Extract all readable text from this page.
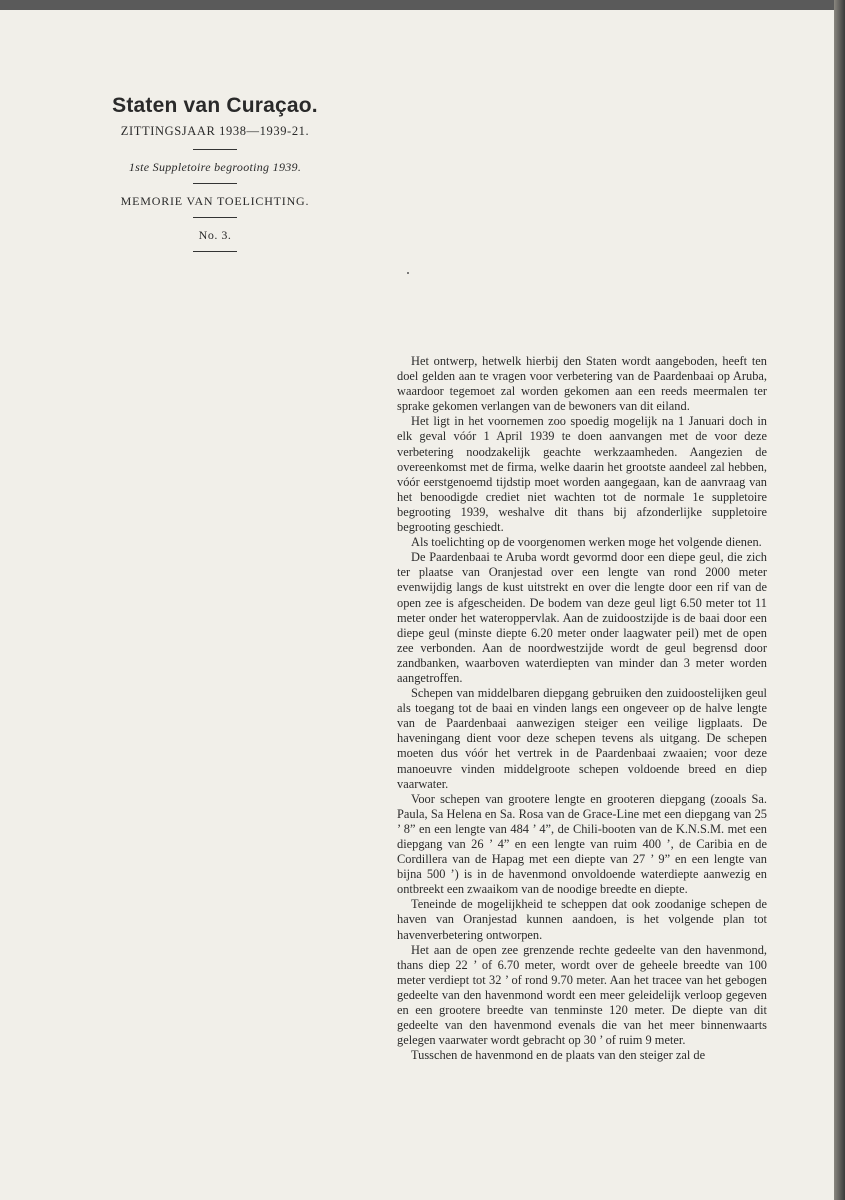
Staten van Curaçao.
ZITTINGSJAAR 1938—1939-21.
1ste Suppletoire begrooting 1939.
MEMORIE VAN TOELICHTING.
No. 3.

Het ontwerp, hetwelk hierbij den Staten wordt aangeboden, heeft ten doel gelden aan te vragen voor verbetering van de Paardenbaai op Aruba, waardoor tegemoet zal worden gekomen aan een reeds meermalen ter sprake gekomen verlangen van de bewoners van dit eiland.

Het ligt in het voornemen zoo spoedig mogelijk na 1 Januari doch in elk geval vóór 1 April 1939 te doen aanvangen met de voor deze verbetering noodzakelijk geachte werkzaamheden. Aangezien de overeenkomst met de firma, welke daarin het grootste aandeel zal hebben, vóór eerstgenoemd tijdstip moet worden aangegaan, kan de aanvraag van het benoodigde crediet niet wachten tot de normale 1e suppletoire begrooting 1939, weshalve dit thans bij afzonderlijke suppletoire begrooting geschiedt.

Als toelichting op de voorgenomen werken moge het volgende dienen.

De Paardenbaai te Aruba wordt gevormd door een diepe geul, die zich ter plaatse van Oranjestad over een lengte van rond 2000 meter evenwijdig langs de kust uitstrekt en over die lengte door een rif van de open zee is afgescheiden. De bodem van deze geul ligt 6.50 meter tot 11 meter onder het wateroppervlak. Aan de zuidoostzijde is de baai door een diepe geul (minste diepte 6.20 meter onder laagwater peil) met de open zee verbonden. Aan de noordwestzijde wordt de geul begrensd door zandbanken, waarboven waterdiepten van minder dan 3 meter worden aangetroffen.

Schepen van middelbaren diepgang gebruiken den zuidoostelijken geul als toegang tot de baai en vinden langs een ongeveer op de halve lengte van de Paardenbaai aanwezigen steiger een veilige ligplaats. De haveningang dient voor deze schepen tevens als uitgang. De schepen moeten dus vóór het vertrek in de Paardenbaai zwaaien; voor deze manoeuvre vinden middelgroote schepen voldoende breed en diep vaarwater.

Voor schepen van grootere lengte en grooteren diepgang (zooals Sa. Paula, Sa Helena en Sa. Rosa van de Grace-Line met een diepgang van 25 ’ 8” en een lengte van 484 ’ 4”, de Chili-booten van de K.N.S.M. met een diepgang van 26 ’ 4” en een lengte van ruim 400 ’, de Caribia en de Cordillera van de Hapag met een diepte van 27 ’ 9” en een lengte van bijna 500 ’) is in de havenmond onvoldoende waterdiepte aanwezig en ontbreekt een zwaaikom van de noodige breedte en diepte.

Teneinde de mogelijkheid te scheppen dat ook zoodanige schepen de haven van Oranjestad kunnen aandoen, is het volgende plan tot havenverbetering ontworpen.

Het aan de open zee grenzende rechte gedeelte van den havenmond, thans diep 22 ’ of 6.70 meter, wordt over de geheele breedte van 100 meter verdiept tot 32 ’ of rond 9.70 meter. Aan het tracee van het gebogen gedeelte van den havenmond wordt een meer geleidelijk verloop gegeven en een grootere breedte van tenminste 120 meter. De diepte van dit gedeelte van den havenmond evenals die van het meer binnenwaarts gelegen vaarwater wordt gebracht op 30 ’ of ruim 9 meter.

Tusschen de havenmond en de plaats van den steiger zal de
